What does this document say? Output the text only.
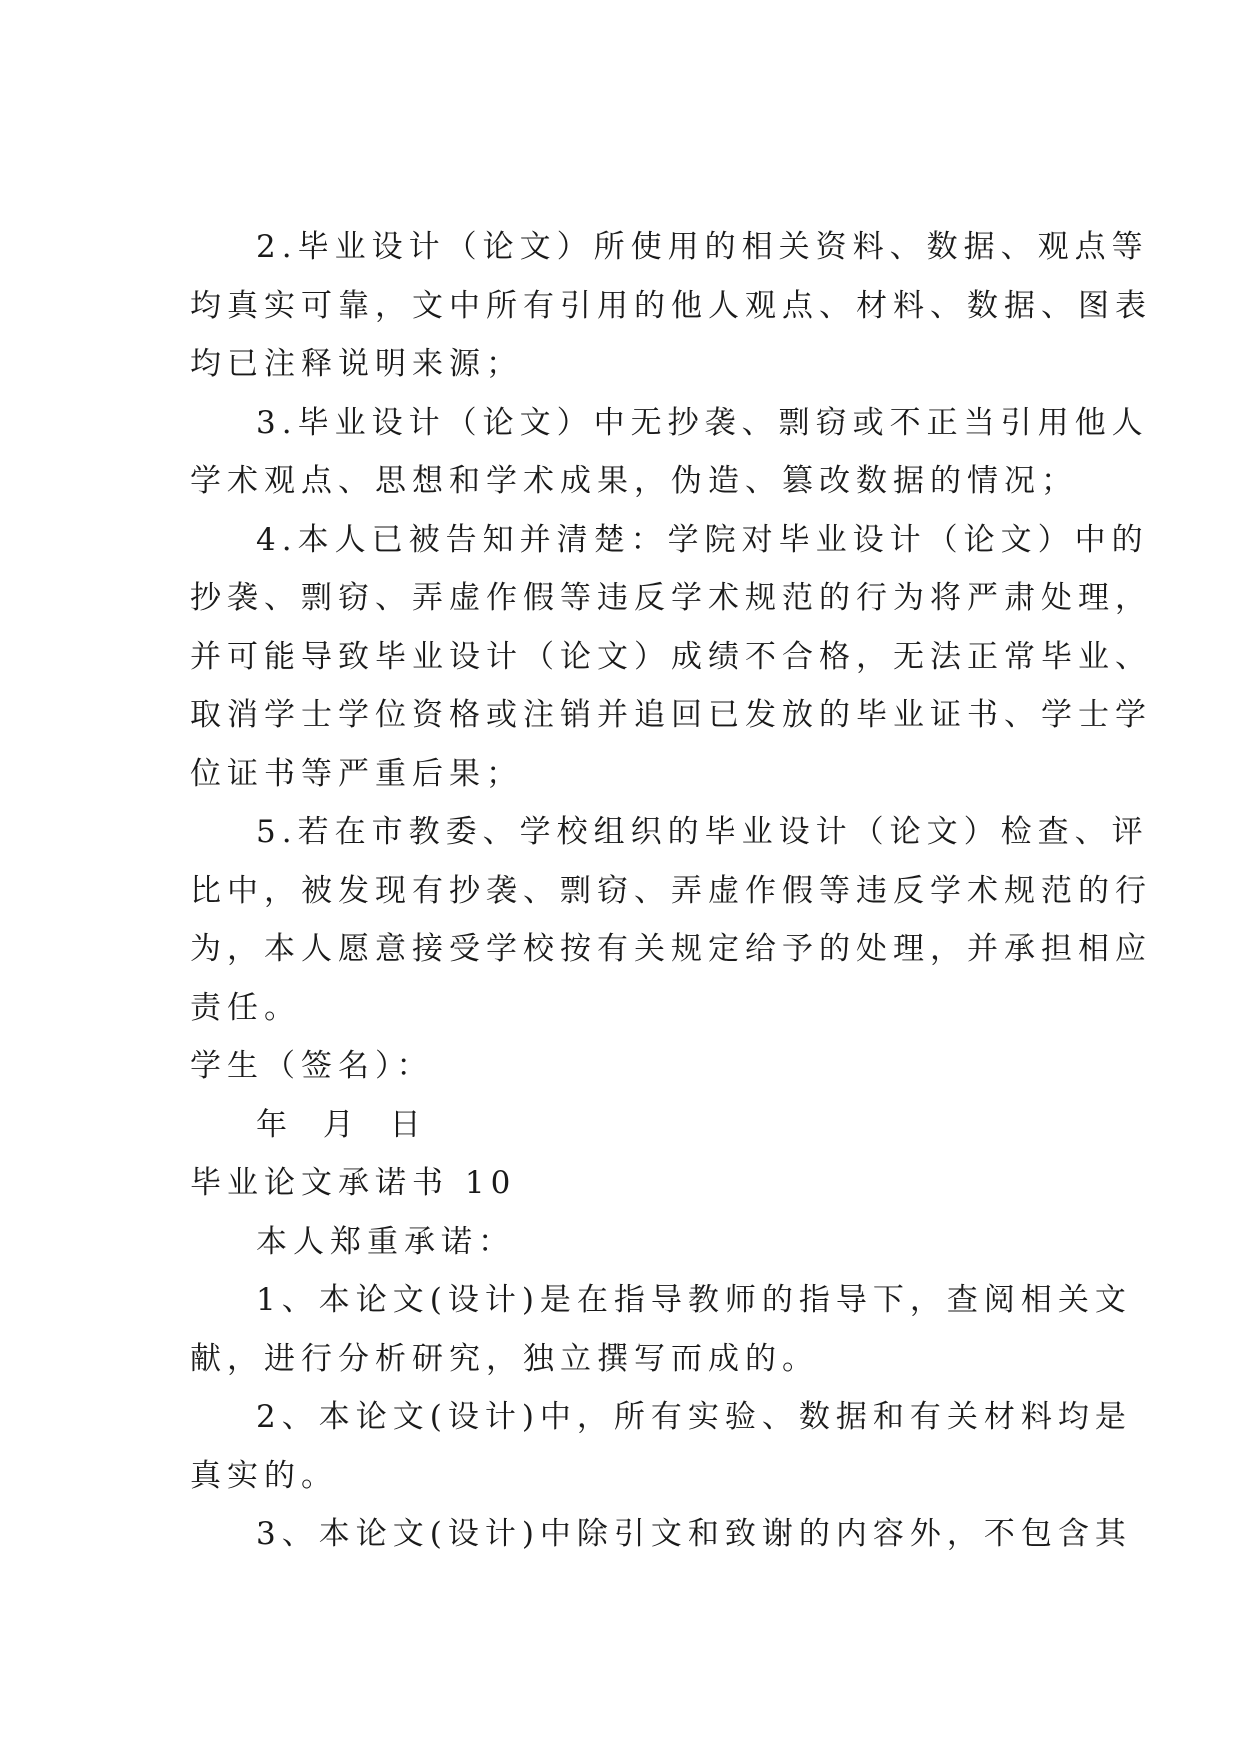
2.毕业设计（论文）所使用的相关资料、数据、观点等
均真实可靠，文中所有引用的他人观点、材料、数据、图表
均已注释说明来源；
3.毕业设计（论文）中无抄袭、剽窃或不正当引用他人
学术观点、思想和学术成果，伪造、篡改数据的情况；
4.本人已被告知并清楚：学院对毕业设计（论文）中的
抄袭、剽窃、弄虚作假等违反学术规范的行为将严肃处理，
并可能导致毕业设计（论文）成绩不合格，无法正常毕业、
取消学士学位资格或注销并追回已发放的毕业证书、学士学
位证书等严重后果；
5.若在市教委、学校组织的毕业设计（论文）检查、评
比中，被发现有抄袭、剽窃、弄虚作假等违反学术规范的行
为，本人愿意接受学校按有关规定给予的处理，并承担相应
责任。
学生（签名）：
年 月 日
毕业论文承诺书 10
本人郑重承诺：
1、本论文(设计)是在指导教师的指导下，查阅相关文
献，进行分析研究，独立撰写而成的。
2、本论文(设计)中，所有实验、数据和有关材料均是
真实的。
3、本论文(设计)中除引文和致谢的内容外，不包含其
